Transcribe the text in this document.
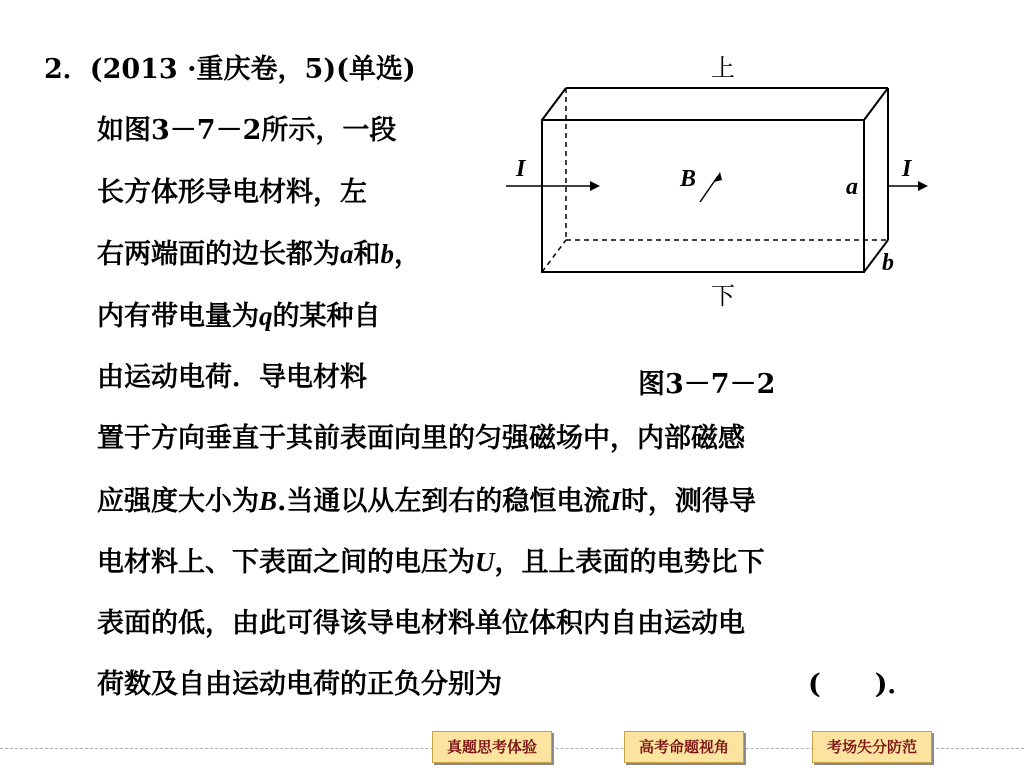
2．(2013 ·重庆卷，5)(单选)
如图3－7－2所示，一段
长方体形导电材料，左
右两端面的边长都为a和b，
内有带电量为q的某种自
由运动电荷．导电材料
置于方向垂直于其前表面向里的匀强磁场中，内部磁感
应强度大小为B.当通以从左到右的稳恒电流I时，测得导
电材料上、下表面之间的电压为U，且上表面的电势比下
表面的低，由此可得该导电材料单位体积内自由运动电
荷数及自由运动电荷的正负分别为	(　　)．
上
下
I	I
B	a
b
图3－7－2
真题思考体验	高考命题视角	考场失分防范
